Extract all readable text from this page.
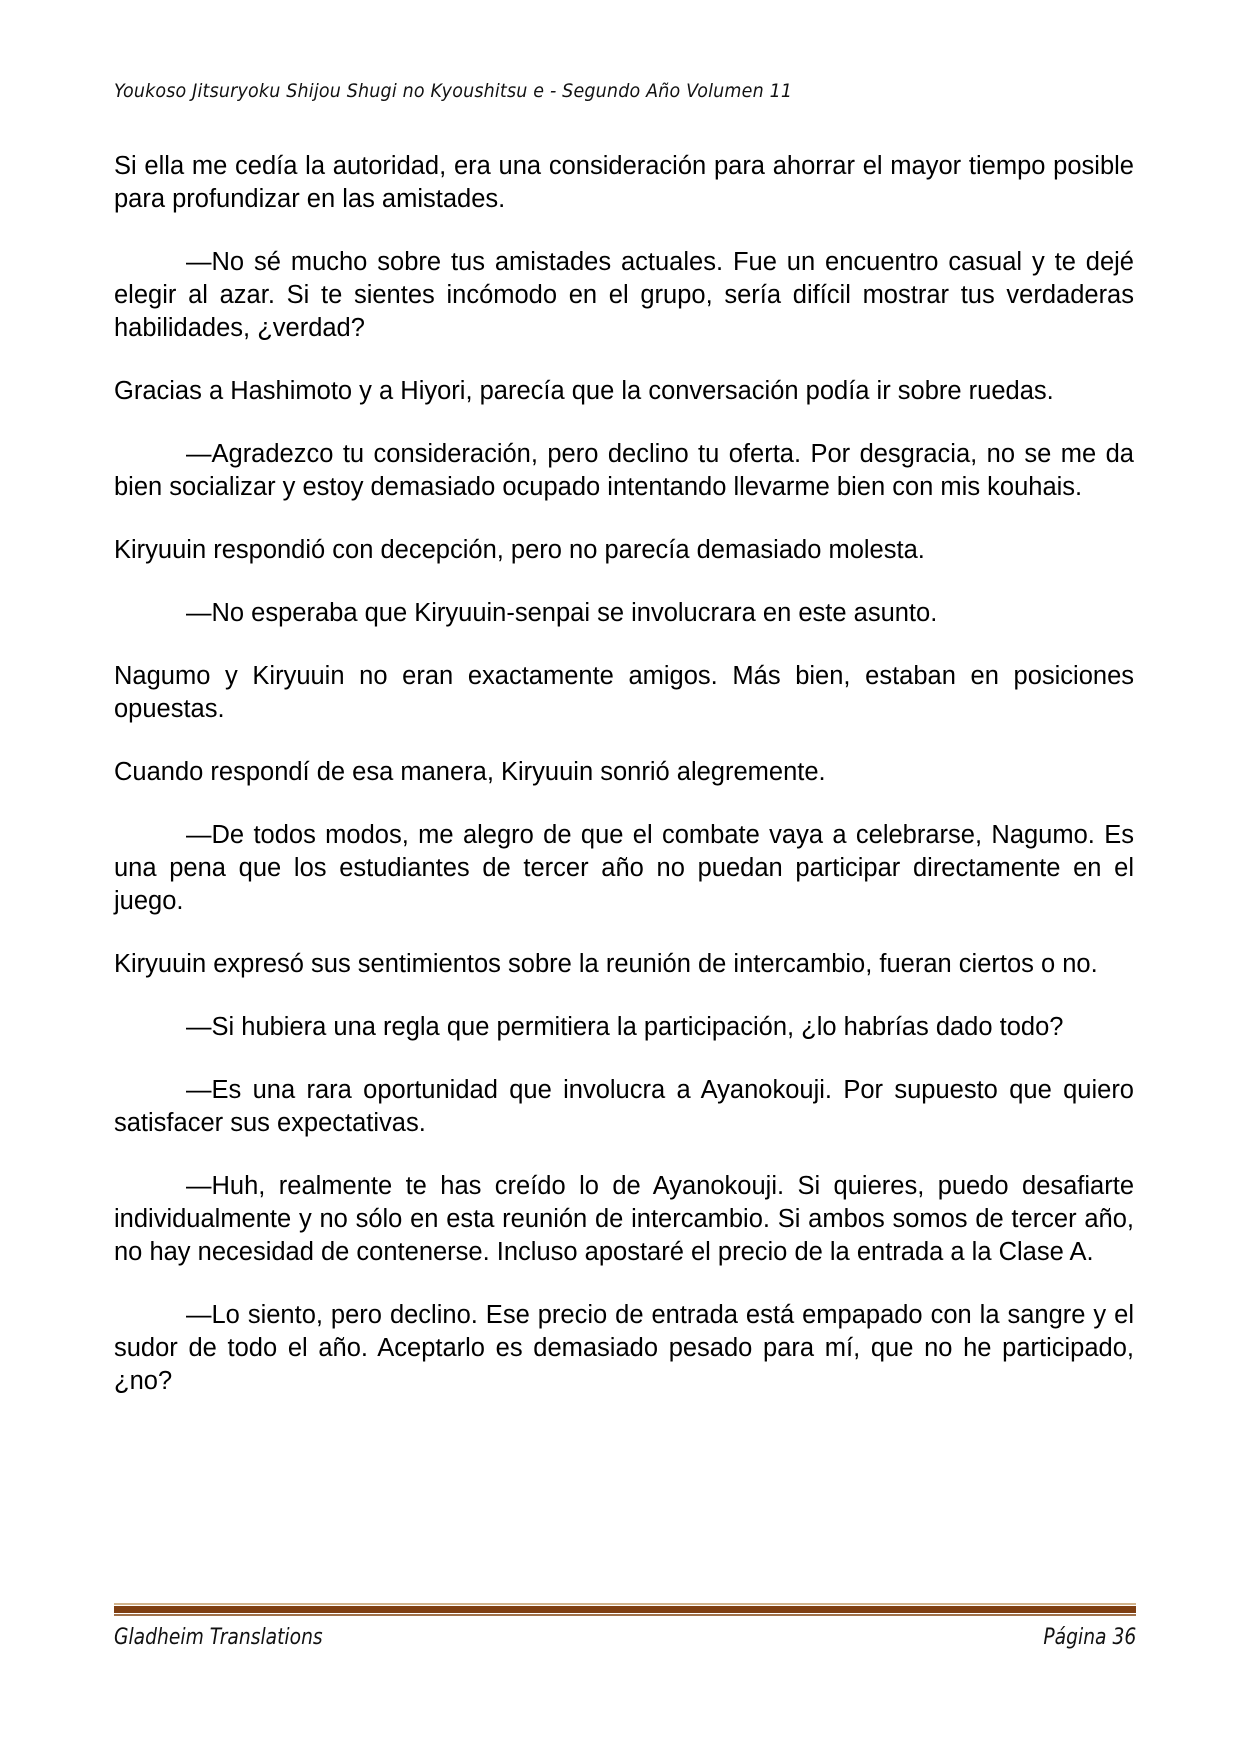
Youkoso Jitsuryoku Shijou Shugi no Kyoushitsu e - Segundo Año Volumen 11

Si ella me cedía la autoridad, era una consideración para ahorrar el mayor tiempo posible para profundizar en las amistades.

—No sé mucho sobre tus amistades actuales. Fue un encuentro casual y te dejé elegir al azar. Si te sientes incómodo en el grupo, sería difícil mostrar tus verdaderas habilidades, ¿verdad?

Gracias a Hashimoto y a Hiyori, parecía que la conversación podía ir sobre ruedas.

—Agradezco tu consideración, pero declino tu oferta. Por desgracia, no se me da bien socializar y estoy demasiado ocupado intentando llevarme bien con mis kouhais.

Kiryuuin respondió con decepción, pero no parecía demasiado molesta.

—No esperaba que Kiryuuin-senpai se involucrara en este asunto.

Nagumo y Kiryuuin no eran exactamente amigos. Más bien, estaban en posiciones opuestas.

Cuando respondí de esa manera, Kiryuuin sonrió alegremente.

—De todos modos, me alegro de que el combate vaya a celebrarse, Nagumo. Es una pena que los estudiantes de tercer año no puedan participar directamente en el juego.

Kiryuuin expresó sus sentimientos sobre la reunión de intercambio, fueran ciertos o no.

—Si hubiera una regla que permitiera la participación, ¿lo habrías dado todo?

—Es una rara oportunidad que involucra a Ayanokouji. Por supuesto que quiero satisfacer sus expectativas.

—Huh, realmente te has creído lo de Ayanokouji. Si quieres, puedo desafiarte individualmente y no sólo en esta reunión de intercambio. Si ambos somos de tercer año, no hay necesidad de contenerse. Incluso apostaré el precio de la entrada a la Clase A.

—Lo siento, pero declino. Ese precio de entrada está empapado con la sangre y el sudor de todo el año. Aceptarlo es demasiado pesado para mí, que no he participado, ¿no?

Gladheim Translations	Página 36
